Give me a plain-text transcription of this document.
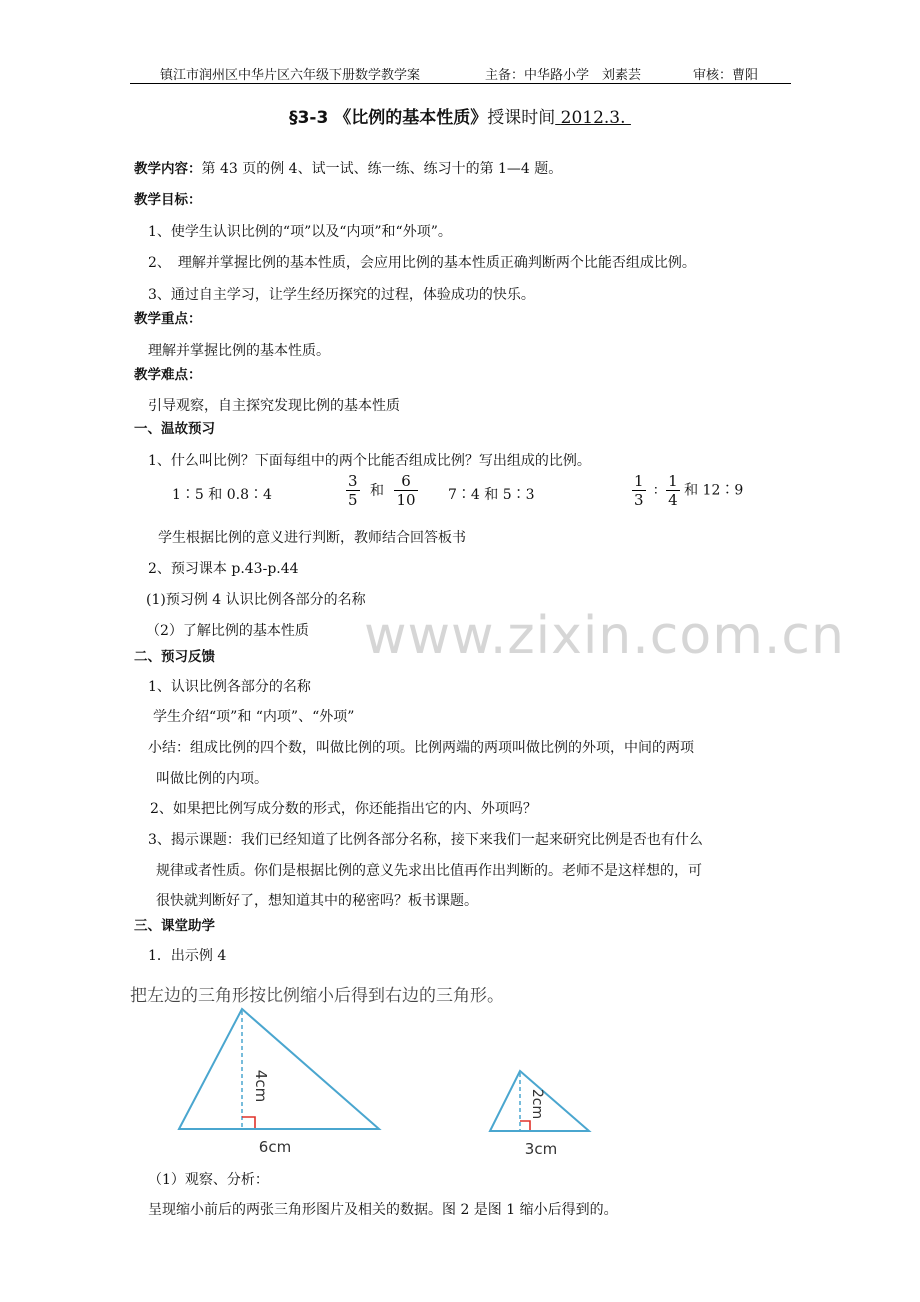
镇江市润州区中华片区六年级下册数学教学案	主备：中华路小学　刘素芸	审核：曹阳
§3-3 《比例的基本性质》授课时间 2012.3.
教学内容：第 43 页的例 4、试一试、练一练、练习十的第 1—4 题。
教学目标：
1、使学生认识比例的“项”以及“内项”和“外项”。
2、　理解并掌握比例的基本性质，会应用比例的基本性质正确判断两个比能否组成比例。
3、通过自主学习，让学生经历探究的过程，体验成功的快乐。
教学重点：
理解并掌握比例的基本性质。
教学难点：
引导观察，自主探究发现比例的基本性质
一、温故预习
1、什么叫比例？下面每组中的两个比能否组成比例？写出组成的比例。
1∶5 和 0.8∶4	$\frac{3}{5}$ 和 $\frac{6}{10}$ 7∶4 和 5∶3	$\frac{1}{3}$ ∶ $\frac{1}{4}$ 和 12∶9
学生根据比例的意义进行判断，教师结合回答板书
2、预习课本 p.43-p.44
(1)预习例 4 认识比例各部分的名称
（2）了解比例的基本性质 www.zixin.com.cn
二、预习反馈
1、认识比例各部分的名称
学生介绍“项”和 “内项”、“外项”
小结：组成比例的四个数，叫做比例的项。比例两端的两项叫做比例的外项，中间的两项
叫做比例的内项。
2、如果把比例写成分数的形式，你还能指出它的内、外项吗？
3、揭示课题：我们已经知道了比例各部分名称，接下来我们一起来研究比例是否也有什么
规律或者性质。你们是根据比例的意义先求出比值再作出判断的。老师不是这样想的，可
很快就判断好了，想知道其中的秘密吗？板书课题。
三、课堂助学
1．出示例 4
把左边的三角形按比例缩小后得到右边的三角形。
4cm
6cm
2cm
3cm
（1）观察、分析：
呈现缩小前后的两张三角形图片及相关的数据。图 2 是图 1 缩小后得到的。
